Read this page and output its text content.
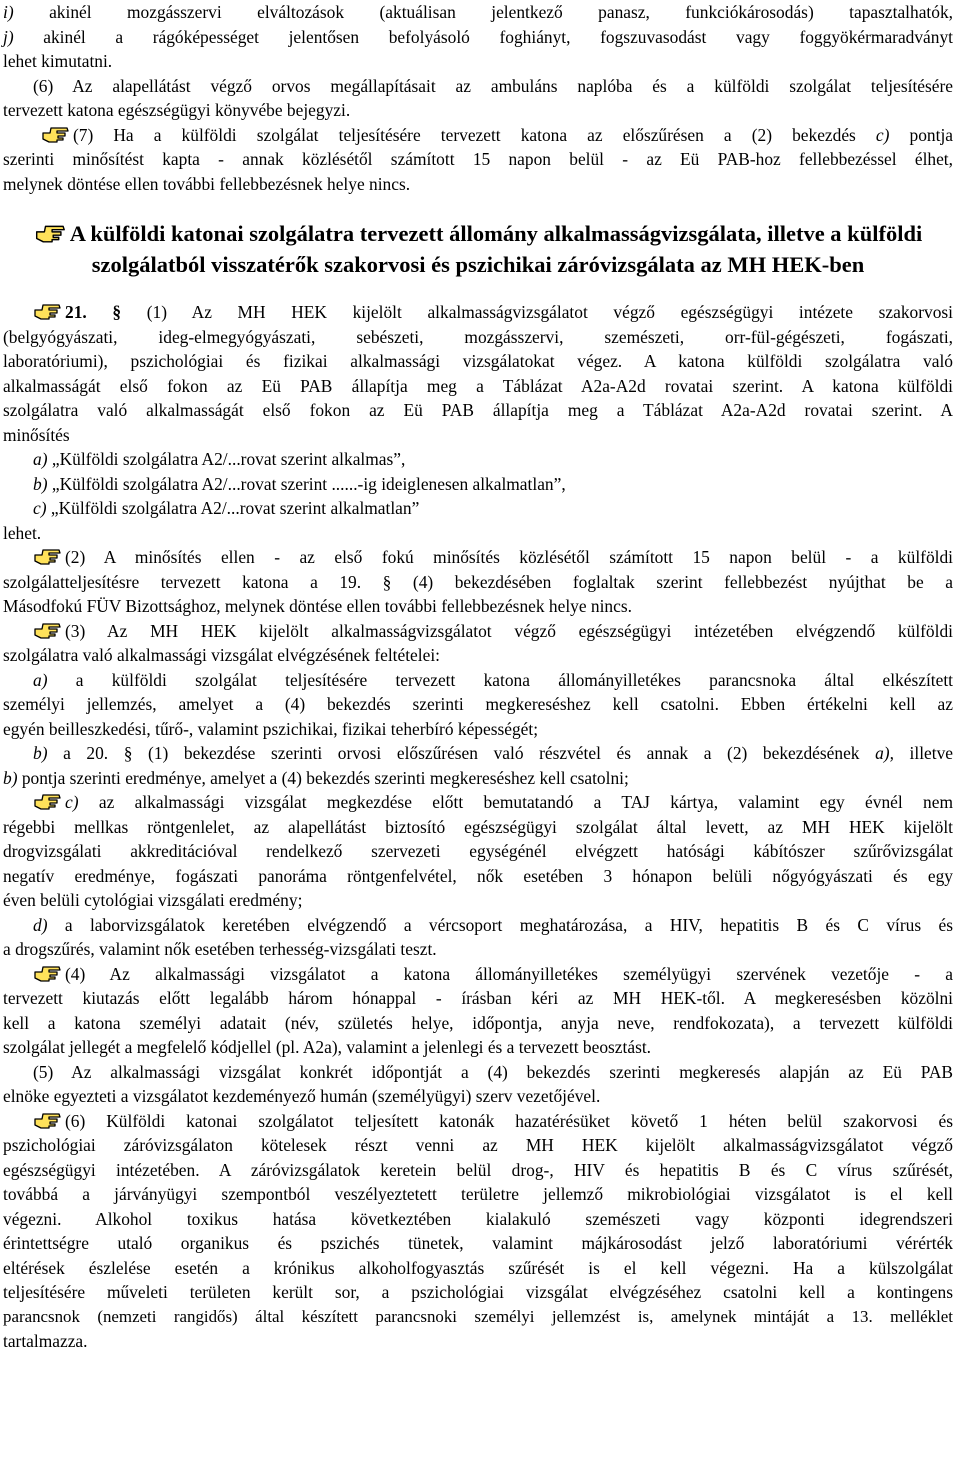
i) akinél mozgásszervi elváltozások (aktuálisan jelentkező panasz, funkciókárosodás) tapasztalhatók,

j) akinél a rágóképességet jelentősen befolyásoló foghiányt, fogszuvasodást vagy foggyökérmaradványt
lehet kimutatni.

(6) Az alapellátást végző orvos megállapításait az ambuláns naplóba és a külföldi szolgálat teljesítésére
tervezett katona egészségügyi könyvébe bejegyzi.

(7) Ha a külföldi szolgálat teljesítésére tervezett katona az előszűrésen a (2) bekezdés c) pontja
szerinti minősítést kapta - annak közlésétől számított 15 napon belül - az Eü PAB-hoz fellebbezéssel élhet,
melynek döntése ellen további fellebbezésnek helye nincs.

A külföldi katonai szolgálatra tervezett állomány alkalmasságvizsgálata, illetve a külföldi szolgálatból visszatérők szakorvosi és pszichikai záróvizsgálata az MH HEK-ben

21. § (1) Az MH HEK kijelölt alkalmasságvizsgálatot végző egészségügyi intézete szakorvosi
(belgyógyászati, ideg-elmegyógyászati, sebészeti, mozgásszervi, szemészeti, orr-fül-gégészeti, fogászati,
laboratóriumi), pszichológiai és fizikai alkalmassági vizsgálatokat végez. A katona külföldi szolgálatra való
alkalmasságát első fokon az Eü PAB állapítja meg a Táblázat A2a-A2d rovatai szerint. A katona külföldi
szolgálatra való alkalmasságát első fokon az Eü PAB állapítja meg a Táblázat A2a-A2d rovatai szerint. A
minősítés
a) „Külföldi szolgálatra A2/...rovat szerint alkalmas”,
b) „Külföldi szolgálatra A2/...rovat szerint ......-ig ideiglenesen alkalmatlan”,
c) „Külföldi szolgálatra A2/...rovat szerint alkalmatlan”
lehet.

(2) A minősítés ellen - az első fokú minősítés közlésétől számított 15 napon belül - a külföldi
szolgálatteljesítésre tervezett katona a 19. § (4) bekezdésében foglaltak szerint fellebbezést nyújthat be a
Másodfokú FÜV Bizottsághoz, melynek döntése ellen további fellebbezésnek helye nincs.

(3) Az MH HEK kijelölt alkalmasságvizsgálatot végző egészségügyi intézetében elvégzendő külföldi
szolgálatra való alkalmassági vizsgálat elvégzésének feltételei:
a) a külföldi szolgálat teljesítésére tervezett katona állományilletékes parancsnoka által elkészített
személyi jellemzés, amelyet a (4) bekezdés szerinti megkereséshez kell csatolni. Ebben értékelni kell az
egyén beilleszkedési, tűrő-, valamint pszichikai, fizikai teherbíró képességét;
b) a 20. § (1) bekezdése szerinti orvosi előszűrésen való részvétel és annak a (2) bekezdésének a), illetve
b) pontja szerinti eredménye, amelyet a (4) bekezdés szerinti megkereséshez kell csatolni;
c) az alkalmassági vizsgálat megkezdése előtt bemutatandó a TAJ kártya, valamint egy évnél nem
régebbi mellkas röntgenlelet, az alapellátást biztosító egészségügyi szolgálat által levett, az MH HEK kijelölt
drogvizsgálati akkreditációval rendelkező szervezeti egységénél elvégzett hatósági kábítószer szűrővizsgálat
negatív eredménye, fogászati panoráma röntgenfelvétel, nők esetében 3 hónapon belüli nőgyógyászati és egy
éven belüli cytológiai vizsgálati eredmény;
d) a laborvizsgálatok keretében elvégzendő a vércsoport meghatározása, a HIV, hepatitis B és C vírus és
a drogszűrés, valamint nők esetében terhesség-vizsgálati teszt.

(4) Az alkalmassági vizsgálatot a katona állományilletékes személyügyi szervének vezetője - a
tervezett kiutazás előtt legalább három hónappal - írásban kéri az MH HEK-től. A megkeresésben közölni
kell a katona személyi adatait (név, születés helye, időpontja, anyja neve, rendfokozata), a tervezett külföldi
szolgálat jellegét a megfelelő kódjellel (pl. A2a), valamint a jelenlegi és a tervezett beosztást.

(5) Az alkalmassági vizsgálat konkrét időpontját a (4) bekezdés szerinti megkeresés alapján az Eü PAB
elnöke egyezteti a vizsgálatot kezdeményező humán (személyügyi) szerv vezetőjével.

(6) Külföldi katonai szolgálatot teljesített katonák hazatérésüket követő 1 héten belül szakorvosi és
pszichológiai záróvizsgálaton kötelesek részt venni az MH HEK kijelölt alkalmasságvizsgálatot végző
egészségügyi intézetében. A záróvizsgálatok keretein belül drog-, HIV és hepatitis B és C vírus szűrését,
továbbá a járványügyi szempontból veszélyeztetett területre jellemző mikrobiológiai vizsgálatot is el kell
végezni. Alkohol toxikus hatása következtében kialakuló szemészeti vagy központi idegrendszeri
érintettségre utaló organikus és pszichés tünetek, valamint májkárosodást jelző laboratóriumi vérérték
eltérések észlelése esetén a krónikus alkoholfogyasztás szűrését is el kell végezni. Ha a külszolgálat
teljesítésére műveleti területen került sor, a pszichológiai vizsgálat elvégzéséhez csatolni kell a kontingens
parancsnok (nemzeti rangidős) által készített parancsnoki személyi jellemzést is, amelynek mintáját a 13. melléklet
tartalmazza.
